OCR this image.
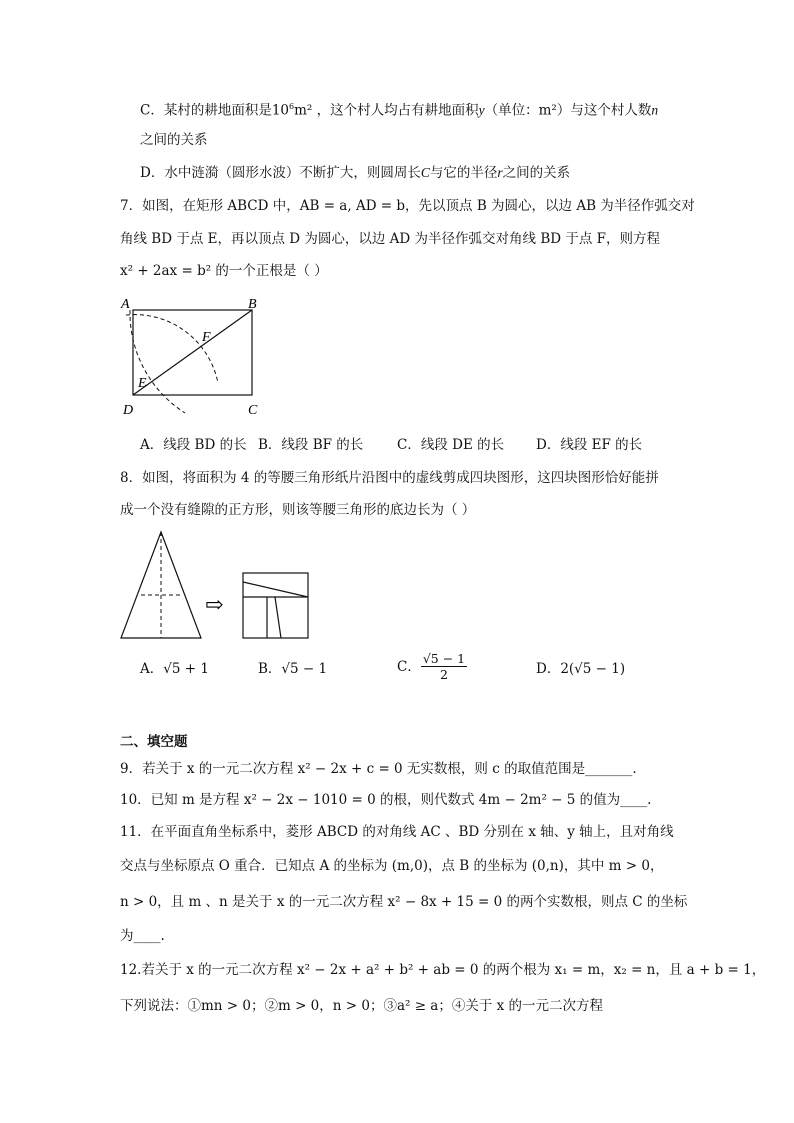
C．某村的耕地面积是$10^6m^2$ ，这个村人均占有耕地面积y（单位：m²）与这个村人数n
之间的关系
D．水中涟漪（圆形水波）不断扩大，则圆周长C与它的半径r之间的关系
7．如图，在矩形 ABCD 中，AB = a, AD = b，先以顶点 B 为圆心，以边 AB 为半径作弧交对
角线 BD 于点 E，再以顶点 D 为圆心，以边 AD 为半径作弧交对角线 BD 于点 F，则方程
x² + 2ax = b² 的一个正根是（ ）
A	B
C
D
E
F
A．线段 BD 的长 B．线段 BF 的长 C．线段 DE 的长 D．线段 EF 的长
8．如图，将面积为 4 的等腰三角形纸片沿图中的虚线剪成四块图形，这四块图形恰好能拼
成一个没有缝隙的正方形，则该等腰三角形的底边长为（ ）
⇨
A．√5 + 1	B．√5 − 1	C． $\frac{√5 - 1}{2}$	D．2(√5 − 1)
二、填空题
9．若关于 x 的一元二次方程 x² − 2x + c = 0 无实数根，则 c 的取值范围是_______.
10．已知 m 是方程 x² − 2x − 1010 = 0 的根，则代数式 4m − 2m² − 5 的值为____.
11．在平面直角坐标系中，菱形 ABCD 的对角线 AC 、BD 分别在 x 轴、y 轴上，且对角线
交点与坐标原点 O 重合．已知点 A 的坐标为 (m,0)，点 B 的坐标为 (0,n)，其中 m > 0，
n > 0，且 m 、n 是关于 x 的一元二次方程 x² − 8x + 15 = 0 的两个实数根，则点 C 的坐标
为____.
12.若关于 x 的一元二次方程 x² − 2x + a² + b² + ab = 0 的两个根为 x₁ = m，x₂ = n，且 a + b = 1，
下列说法：①mn > 0；②m > 0，n > 0；③a² ≥ a；④关于 x 的一元二次方程
